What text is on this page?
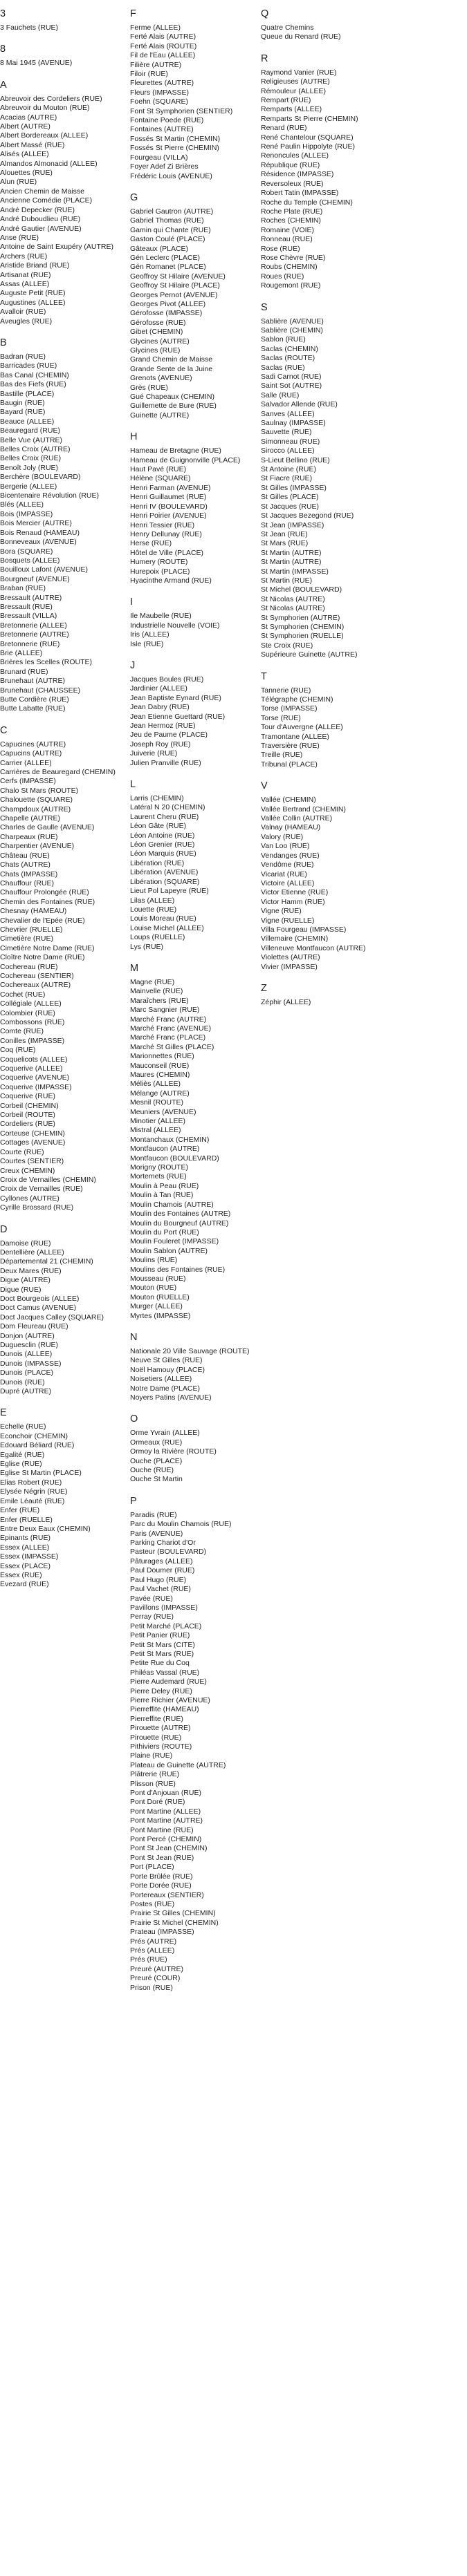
3
3 Fauchets (RUE)
8
8 Mai 1945 (AVENUE)
A
Abreuvoir des Cordeliers (RUE)
Abreuvoir du Mouton (RUE)
Acacias (AUTRE)
Albert (AUTRE)
Albert Bordereaux (ALLEE)
Albert Massé (RUE)
Alisés (ALLEE)
Almandos Almonacid (ALLEE)
Alouettes (RUE)
Alun (RUE)
Ancien Chemin de Maisse
Ancienne Comédie (PLACE)
André Depecker (RUE)
André Duboudlieu (RUE)
André Gautier (AVENUE)
Anse (RUE)
Antoine de Saint Exupéry (AUTRE)
Archers (RUE)
Aristide Briand (RUE)
Artisanat (RUE)
Assas (ALLEE)
Auguste Petit (RUE)
Augustines (ALLEE)
Avalloir (RUE)
Aveugles (RUE)
B
Badran (RUE)
Barricades (RUE)
Bas Canal (CHEMIN)
Bas des Fiefs (RUE)
Bastille (PLACE)
Baugin (RUE)
Bayard (RUE)
Beauce (ALLEE)
Beauregard (RUE)
Belle Vue (AUTRE)
Belles Croix (AUTRE)
Belles Croix (RUE)
Benoît Joly (RUE)
Berchère (BOULEVARD)
Bergerie (ALLEE)
Bicentenaire Révolution (RUE)
Blés (ALLEE)
Bois (IMPASSE)
Bois Mercier (AUTRE)
Bois Renaud (HAMEAU)
Bonneveaux (AVENUE)
Bora (SQUARE)
Bosquets (ALLEE)
Bouilloux Lafont (AVENUE)
Bourgneuf (AVENUE)
Braban (RUE)
Bressault (AUTRE)
Bressault (RUE)
Bressault (VILLA)
Bretonnerie (ALLEE)
Bretonnerie (AUTRE)
Bretonnerie (RUE)
Brie (ALLEE)
Brières les Scelles (ROUTE)
Brunard (RUE)
Brunehaut (AUTRE)
Brunehaut (CHAUSSEE)
Butte Cordière (RUE)
Butte Labatte (RUE)
C
Capucines (AUTRE)
Capucins (AUTRE)
Carrier (ALLEE)
Carrières de Beauregard (CHEMIN)
Cerfs (IMPASSE)
Chalo St Mars (ROUTE)
Chalouette (SQUARE)
Champdoux (AUTRE)
Chapelle (AUTRE)
Charles de Gaulle (AVENUE)
Charpeaux (RUE)
Charpentier (AVENUE)
Château (RUE)
Chats (AUTRE)
Chats (IMPASSE)
Chauffour (RUE)
Chauffour Prolongée (RUE)
Chemin des Fontaines (RUE)
Chesnay (HAMEAU)
Chevalier de l'Epée (RUE)
Chevrier (RUELLE)
Cimetière (RUE)
Cimetière Notre Dame (RUE)
Cloître Notre Dame (RUE)
Cochereau (RUE)
Cochereau (SENTIER)
Cochereaux (AUTRE)
Cochet (RUE)
Collégiale (ALLEE)
Colombier (RUE)
Combossons (RUE)
Comte (RUE)
Conilles (IMPASSE)
Coq (RUE)
Coquelicots (ALLEE)
Coquerive (ALLEE)
Coquerive (AVENUE)
Coquerive (IMPASSE)
Coquerive (RUE)
Corbeil (CHEMIN)
Corbeil (ROUTE)
Cordeliers (RUE)
Corteuse (CHEMIN)
Cottages (AVENUE)
Courte (RUE)
Courtes (SENTIER)
Creux (CHEMIN)
Croix de Vernailles (CHEMIN)
Croix de Vernailles (RUE)
Cyllones (AUTRE)
Cyrille Brossard (RUE)
D
Damoise (RUE)
Dentellière (ALLEE)
Départemental 21 (CHEMIN)
Deux Mares (RUE)
Digue (AUTRE)
Digue (RUE)
Doct Bourgeois (ALLEE)
Doct Camus (AVENUE)
Doct Jacques Calley (SQUARE)
Dom Fleureau (RUE)
Donjon (AUTRE)
Duguesclin (RUE)
Dunois (ALLEE)
Dunois (IMPASSE)
Dunois (PLACE)
Dunois (RUE)
Dupré (AUTRE)
E
Echelle (RUE)
Econchoir (CHEMIN)
Edouard Béliard (RUE)
Egalité (RUE)
Eglise (RUE)
Eglise St Martin (PLACE)
Elias Robert (RUE)
Elysée Négrin (RUE)
Emile Léauté (RUE)
Enfer (RUE)
Enfer (RUELLE)
Entre Deux Eaux (CHEMIN)
Epinants (RUE)
Essex (ALLEE)
Essex (IMPASSE)
Essex (PLACE)
Essex (RUE)
Evezard (RUE)
F
Ferme (ALLEE)
Ferté Alais (AUTRE)
Ferté Alais (ROUTE)
Fil de l'Eau (ALLEE)
Filière (AUTRE)
Filoir (RUE)
Fleurettes (AUTRE)
Fleurs (IMPASSE)
Foehn (SQUARE)
Font St Symphorien (SENTIER)
Fontaine Poede (RUE)
Fontaines (AUTRE)
Fossés St Martin (CHEMIN)
Fossés St Pierre (CHEMIN)
Fourgeau (VILLA)
Foyer Adef Zi Brières
Frédéric Louis (AVENUE)
G
Gabriel Gautron (AUTRE)
Gabriel Thomas (RUE)
Gamin qui Chante (RUE)
Gaston Coulé (PLACE)
Gâteaux (PLACE)
Gén Leclerc (PLACE)
Gén Romanet (PLACE)
Geoffroy St Hilaire (AVENUE)
Geoffroy St Hilaire (PLACE)
Georges Pernot (AVENUE)
Georges Pivot (ALLEE)
Gérofosse (IMPASSE)
Gérofosse (RUE)
Gibet (CHEMIN)
Glycines (AUTRE)
Glycines (RUE)
Grand Chemin de Maisse
Grande Sente de la Juine
Grenots (AVENUE)
Grès (RUE)
Gué Chapeaux (CHEMIN)
Guillemette de Bure (RUE)
Guinette (AUTRE)
H
Hameau de Bretagne (RUE)
Hameau de Guignonville (PLACE)
Haut Pavé (RUE)
Hélène (SQUARE)
Henri Farman (AVENUE)
Henri Guillaumet (RUE)
Henri IV (BOULEVARD)
Henri Poirier (AVENUE)
Henri Tessier (RUE)
Henry Dellunay (RUE)
Herse (RUE)
Hôtel de Ville (PLACE)
Humery (ROUTE)
Hurepoix (PLACE)
Hyacinthe Armand (RUE)
I
Ile Maubelle (RUE)
Industrielle Nouvelle (VOIE)
Iris (ALLEE)
Isle (RUE)
J
Jacques Boules (RUE)
Jardinier (ALLEE)
Jean Baptiste Eynard (RUE)
Jean Dabry (RUE)
Jean Etienne Guettard (RUE)
Jean Hermoz (RUE)
Jeu de Paume (PLACE)
Joseph Roy (RUE)
Juiverie (RUE)
Julien Pranville (RUE)
L
Larris (CHEMIN)
Latéral N 20 (CHEMIN)
Laurent Cheru (RUE)
Léon Gâte (RUE)
Léon Antoine (RUE)
Léon Grenier (RUE)
Léon Marquis (RUE)
Libération (RUE)
Libération (AVENUE)
Libération (SQUARE)
Lieut Pol Lapeyre (RUE)
Lilas (ALLEE)
Louette (RUE)
Louis Moreau (RUE)
Louise Michel (ALLEE)
Loups (RUELLE)
Lys (RUE)
M
Magne (RUE)
Mainvelle (RUE)
Maraîchers (RUE)
Marc Sangnier (RUE)
Marché Franc (AUTRE)
Marché Franc (AVENUE)
Marché Franc (PLACE)
Marché St Gilles (PLACE)
Marionnettes (RUE)
Mauconseil (RUE)
Maures (CHEMIN)
Méliès (ALLEE)
Mélange (AUTRE)
Mesnil (ROUTE)
Meuniers (AVENUE)
Minotier (ALLEE)
Mistral (ALLEE)
Montanchaux (CHEMIN)
Montfaucon (AUTRE)
Montfaucon (BOULEVARD)
Morigny (ROUTE)
Mortemets (RUE)
Moulin à Peau (RUE)
Moulin à Tan (RUE)
Moulin Chamois (AUTRE)
Moulin des Fontaines (AUTRE)
Moulin du Bourgneuf (AUTRE)
Moulin du Port (RUE)
Moulin Fouleret (IMPASSE)
Moulin Sablon (AUTRE)
Moulins (RUE)
Moulins des Fontaines (RUE)
Mousseau (RUE)
Mouton (RUE)
Mouton (RUELLE)
Murger (ALLEE)
Myrtes (IMPASSE)
N
Nationale 20 Ville Sauvage (ROUTE)
Neuve St Gilles (RUE)
Noël Hamouy (PLACE)
Noisetiers (ALLEE)
Notre Dame (PLACE)
Noyers Patins (AVENUE)
O
Orme Yvrain (ALLEE)
Ormeaux (RUE)
Ormoy la Rivière (ROUTE)
Ouche (PLACE)
Ouche (RUE)
Ouche St Martin
P
Paradis (RUE)
Parc du Moulin Chamois (RUE)
Paris (AVENUE)
Parking Chariot d'Or
Pasteur (BOULEVARD)
Pâturages (ALLEE)
Paul Doumer (RUE)
Paul Hugo (RUE)
Paul Vachet (RUE)
Pavée (RUE)
Pavillons (IMPASSE)
Perray (RUE)
Petit Marché (PLACE)
Petit Panier (RUE)
Petit St Mars (CITE)
Petit St Mars (RUE)
Petite Rue du Coq
Philéas Vassal (RUE)
Pierre Audemard (RUE)
Pierre Deley (RUE)
Pierre Richier (AVENUE)
Pierreffite (HAMEAU)
Pierreffite (RUE)
Pirouette (AUTRE)
Pirouette (RUE)
Pithiviers (ROUTE)
Plaine (RUE)
Plateau de Guinette (AUTRE)
Plâtrerie (RUE)
Plisson (RUE)
Pont d'Anjouan (RUE)
Pont Doré (RUE)
Pont Martine (ALLEE)
Pont Martine (AUTRE)
Pont Martine (RUE)
Pont Percé (CHEMIN)
Pont St Jean (CHEMIN)
Pont St Jean (RUE)
Port (PLACE)
Porte Brûlée (RUE)
Porte Dorée (RUE)
Portereaux (SENTIER)
Postes (RUE)
Prairie St Gilles (CHEMIN)
Prairie St Michel (CHEMIN)
Prateau (IMPASSE)
Prés (AUTRE)
Prés (ALLEE)
Prés (RUE)
Preuré (AUTRE)
Preuré (COUR)
Prison (RUE)
Q
Quatre Chemins
Queue du Renard (RUE)
R
Raymond Vanier (RUE)
Religieuses (AUTRE)
Rémouleur (ALLEE)
Rempart (RUE)
Remparts (ALLEE)
Remparts St Pierre (CHEMIN)
Renard (RUE)
René Chantelour (SQUARE)
René Paulin Hippolyte (RUE)
Renoncules (ALLEE)
République (RUE)
Résidence (IMPASSE)
Reversoleux (RUE)
Robert Tatin (IMPASSE)
Roche du Temple (CHEMIN)
Roche Plate (RUE)
Roches (CHEMIN)
Romaine (VOIE)
Ronneau (RUE)
Rose (RUE)
Rose Chèvre (RUE)
Roubs (CHEMIN)
Roues (RUE)
Rougemont (RUE)
S
Sablière (AVENUE)
Sablière (CHEMIN)
Sablon (RUE)
Saclas (CHEMIN)
Saclas (ROUTE)
Saclas (RUE)
Sadi Carnot (RUE)
Saint Sot (AUTRE)
Salle (RUE)
Salvador Allende (RUE)
Sanves (ALLEE)
Saulnay (IMPASSE)
Sauvette (RUE)
Simonneau (RUE)
Sirocco (ALLEE)
S-Lieut Bellino (RUE)
St Antoine (RUE)
St Fiacre (RUE)
St Gilles (IMPASSE)
St Gilles (PLACE)
St Jacques (RUE)
St Jacques Bezegond (RUE)
St Jean (IMPASSE)
St Jean (RUE)
St Mars (RUE)
St Martin (AUTRE)
St Martin (AUTRE)
St Martin (IMPASSE)
St Martin (RUE)
St Michel (BOULEVARD)
St Nicolas (AUTRE)
St Nicolas (AUTRE)
St Symphorien (AUTRE)
St Symphorien (CHEMIN)
St Symphorien (RUELLE)
Ste Croix (RUE)
Supérieure Guinette (AUTRE)
T
Tannerie (RUE)
Télégraphe (CHEMIN)
Torse (IMPASSE)
Torse (RUE)
Tour d'Auvergne (ALLEE)
Tramontane (ALLEE)
Traversière (RUE)
Treille (RUE)
Tribunal (PLACE)
V
Vallée (CHEMIN)
Vallée Bertrand (CHEMIN)
Vallée Collin (AUTRE)
Valnay (HAMEAU)
Valory (RUE)
Van Loo (RUE)
Vendanges (RUE)
Vendôme (RUE)
Vicariat (RUE)
Victoire (ALLEE)
Victor Etienne (RUE)
Victor Hamm (RUE)
Vigne (RUE)
Vigne (RUELLE)
Villa Fourgeau (IMPASSE)
Villemaire (CHEMIN)
Villeneuve Montfaucon (AUTRE)
Violettes (AUTRE)
Vivier (IMPASSE)
Z
Zéphir (ALLEE)
